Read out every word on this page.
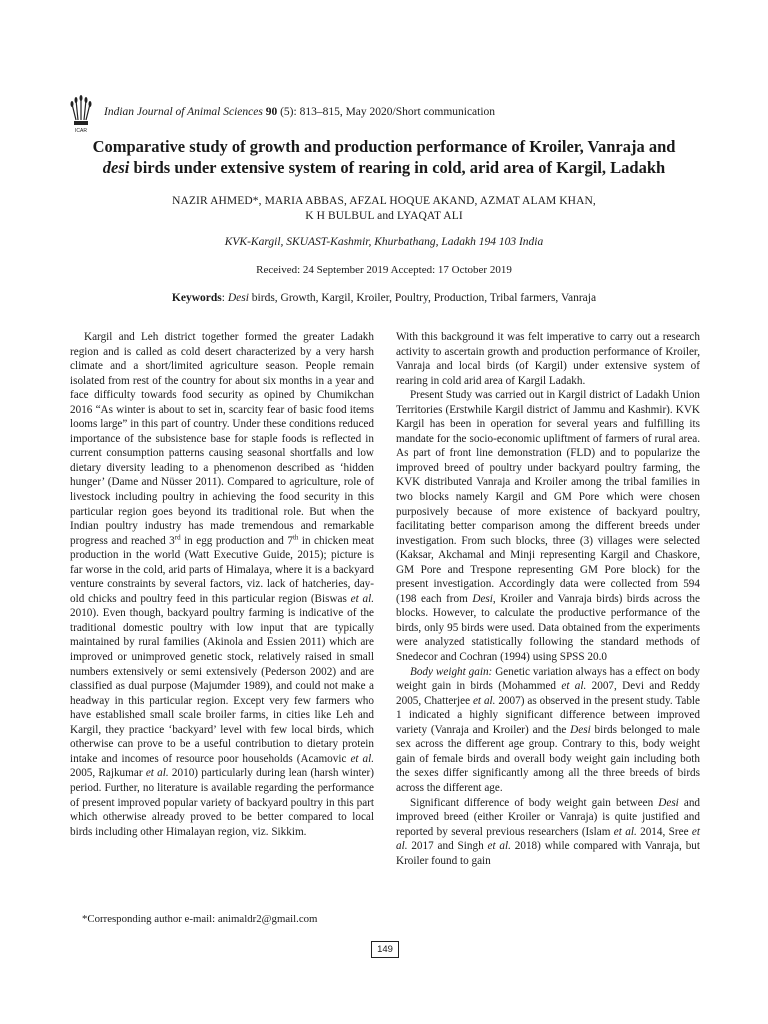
ICAR
Indian Journal of Animal Sciences 90 (5): 813–815, May 2020/Short communication
Comparative study of growth and production performance of Kroiler, Vanraja and
desi birds under extensive system of rearing in cold, arid area of Kargil, Ladakh
NAZIR AHMED*, MARIA ABBAS, AFZAL HOQUE AKAND, AZMAT ALAM KHAN,
K H BULBUL and LYAQAT ALI
KVK-Kargil, SKUAST-Kashmir, Khurbathang, Ladakh 194 103 India
Received: 24 September 2019 Accepted: 17 October 2019
Keywords: Desi birds, Growth, Kargil, Kroiler, Poultry, Production, Tribal farmers, Vanraja

Kargil and Leh district together formed the greater Ladakh region and is called as cold desert characterized by a very harsh climate and a short/limited agriculture season. People remain isolated from rest of the country for about six months in a year and face difficulty towards food security as opined by Chumikchan 2016 “As winter is about to set in, scarcity fear of basic food items looms large” in this part of country. Under these conditions reduced importance of the subsistence base for staple foods is reflected in current consumption patterns causing seasonal shortfalls and low dietary diversity leading to a phenomenon described as ‘hidden hunger’ (Dame and Nüsser 2011). Compared to agriculture, role of livestock including poultry in achieving the food security in this particular region goes beyond its traditional role. But when the Indian poultry industry has made tremendous and remarkable progress and reached 3rd in egg production and 7th in chicken meat production in the world (Watt Executive Guide, 2015); picture is far worse in the cold, arid parts of Himalaya, where it is a backyard venture constraints by several factors, viz. lack of hatcheries, day-old chicks and poultry feed in this particular region (Biswas et al. 2010). Even though, backyard poultry farming is indicative of the traditional domestic poultry with low input that are typically maintained by rural families (Akinola and Essien 2011) which are improved or unimproved genetic stock, relatively raised in small numbers extensively or semi extensively (Pederson 2002) and are classified as dual purpose (Majumder 1989), and could not make a headway in this particular region. Except very few farmers who have established small scale broiler farms, in cities like Leh and Kargil, they practice ‘backyard’ level with few local birds, which otherwise can prove to be a useful contribution to dietary protein intake and incomes of resource poor households (Acamovic et al. 2005, Rajkumar et al. 2010) particularly during lean (harsh winter) period. Further, no literature is available regarding the performance of present improved popular variety of backyard poultry in this part which otherwise already proved to be better compared to local birds including other Himalayan region, viz. Sikkim.

With this background it was felt imperative to carry out a research activity to ascertain growth and production performance of Kroiler, Vanraja and local birds (of Kargil) under extensive system of rearing in cold arid area of Kargil Ladakh.

Present Study was carried out in Kargil district of Ladakh Union Territories (Erstwhile Kargil district of Jammu and Kashmir). KVK Kargil has been in operation for several years and fulfilling its mandate for the socio-economic upliftment of farmers of rural area. As part of front line demonstration (FLD) and to popularize the improved breed of poultry under backyard poultry farming, the KVK distributed Vanraja and Kroiler among the tribal families in two blocks namely Kargil and GM Pore which were chosen purposively because of more existence of backyard poultry, facilitating better comparison among the different breeds under investigation. From such blocks, three (3) villages were selected (Kaksar, Akchamal and Minji representing Kargil and Chaskore, GM Pore and Trespone representing GM Pore block) for the present investigation. Accordingly data were collected from 594 (198 each from Desi, Kroiler and Vanraja birds) birds across the blocks. However, to calculate the productive performance of the birds, only 95 birds were used. Data obtained from the experiments were analyzed statistically following the standard methods of Snedecor and Cochran (1994) using SPSS 20.0

Body weight gain: Genetic variation always has a effect on body weight gain in birds (Mohammed et al. 2007, Devi and Reddy 2005, Chatterjee et al. 2007) as observed in the present study. Table 1 indicated a highly significant difference between improved variety (Vanraja and Kroiler) and the Desi birds belonged to male sex across the different age group. Contrary to this, body weight gain of female birds and overall body weight gain including both the sexes differ significantly among all the three breeds of birds across the different age.

Significant difference of body weight gain between Desi and improved breed (either Kroiler or Vanraja) is quite justified and reported by several previous researchers (Islam et al. 2014, Sree et al. 2017 and Singh et al. 2018) while compared with Vanraja, but Kroiler found to gain

*Corresponding author e-mail: animaldr2@gmail.com
149
